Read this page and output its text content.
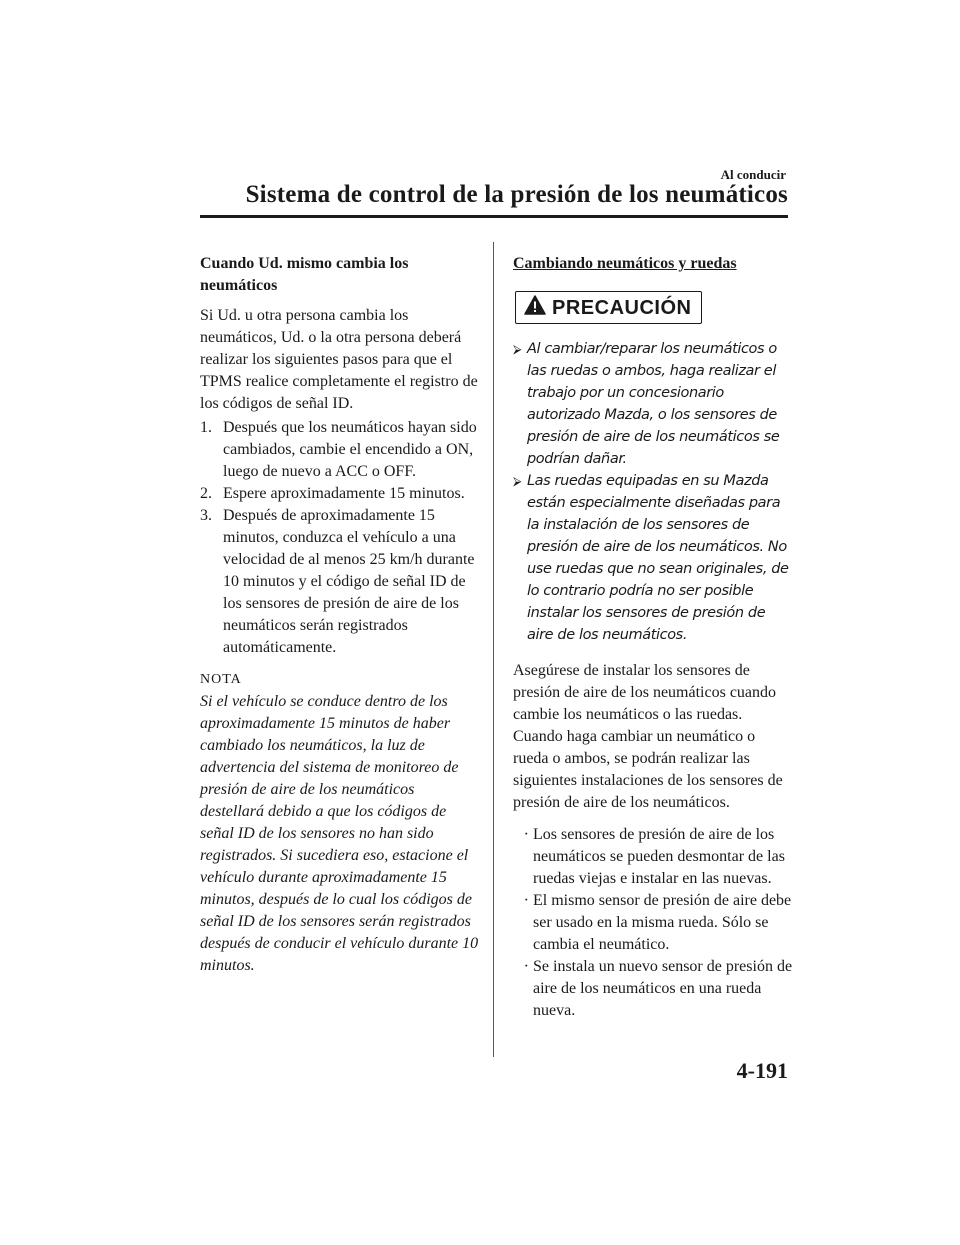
Al conducir
Sistema de control de la presión de los neumáticos
Cuando Ud. mismo cambia los
neumáticos

Si Ud. u otra persona cambia los neumáticos, Ud. o la otra persona deberá realizar los siguientes pasos para que el TPMS realice completamente el registro de los códigos de señal ID.

1. Después que los neumáticos hayan sido cambiados, cambie el encendido a ON, luego de nuevo a ACC o OFF.
2. Espere aproximadamente 15 minutos.
3. Después de aproximadamente 15 minutos, conduzca el vehículo a una velocidad de al menos 25 km/h durante 10 minutos y el código de señal ID de los sensores de presión de aire de los neumáticos serán registrados automáticamente.
NOTA

Si el vehículo se conduce dentro de los aproximadamente 15 minutos de haber cambiado los neumáticos, la luz de advertencia del sistema de monitoreo de presión de aire de los neumáticos destellará debido a que los códigos de señal ID de los sensores no han sido registrados. Si sucediera eso, estacione el vehículo durante aproximadamente 15 minutos, después de lo cual los códigos de señal ID de los sensores serán registrados después de conducir el vehículo durante 10 minutos.

Cambiando neumáticos y ruedas
PRECAUCIÓN
⮚ Al cambiar/reparar los neumáticos o las ruedas o ambos, haga realizar el trabajo por un concesionario autorizado Mazda, o los sensores de presión de aire de los neumáticos se podrían dañar.
⮚ Las ruedas equipadas en su Mazda están especialmente diseñadas para la instalación de los sensores de presión de aire de los neumáticos. No use ruedas que no sean originales, de lo contrario podría no ser posible instalar los sensores de presión de aire de los neumáticos.

Asegúrese de instalar los sensores de presión de aire de los neumáticos cuando cambie los neumáticos o las ruedas. Cuando haga cambiar un neumático o rueda o ambos, se podrán realizar las siguientes instalaciones de los sensores de presión de aire de los neumáticos.

· Los sensores de presión de aire de los neumáticos se pueden desmontar de las ruedas viejas e instalar en las nuevas.
· El mismo sensor de presión de aire debe ser usado en la misma rueda. Sólo se cambia el neumático.
· Se instala un nuevo sensor de presión de aire de los neumáticos en una rueda nueva.
4-191
